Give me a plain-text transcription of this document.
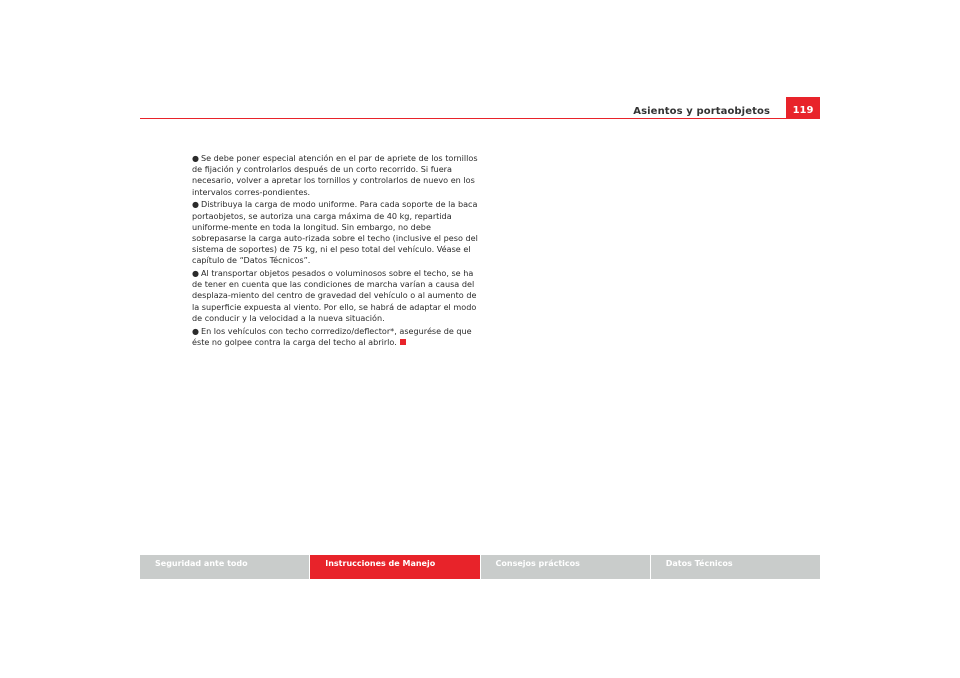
Asientos y portaobjetos 119

● Se debe poner especial atención en el par de apriete de los tornillos de fijación y controlarlos después de un corto recorrido. Si fuera necesario, volver a apretar los tornillos y controlarlos de nuevo en los intervalos corres-pondientes.

● Distribuya la carga de modo uniforme. Para cada soporte de la baca portaobjetos, se autoriza una carga máxima de 40 kg, repartida uniforme-mente en toda la longitud. Sin embargo, no debe sobrepasarse la carga auto-rizada sobre el techo (inclusive el peso del sistema de soportes) de 75 kg, ni el peso total del vehículo. Véase el capítulo de “Datos Técnicos”.

● Al transportar objetos pesados o voluminosos sobre el techo, se ha de tener en cuenta que las condiciones de marcha varían a causa del desplaza-miento del centro de gravedad del vehículo o al aumento de la superficie expuesta al viento. Por ello, se habrá de adaptar el modo de conducir y la velocidad a la nueva situación.

● En los vehículos con techo corrredizo/deflector*, asegurése de que éste no golpee contra la carga del techo al abrirlo.

Seguridad ante todo	Instrucciones de Manejo	Consejos prácticos	Datos Técnicos
